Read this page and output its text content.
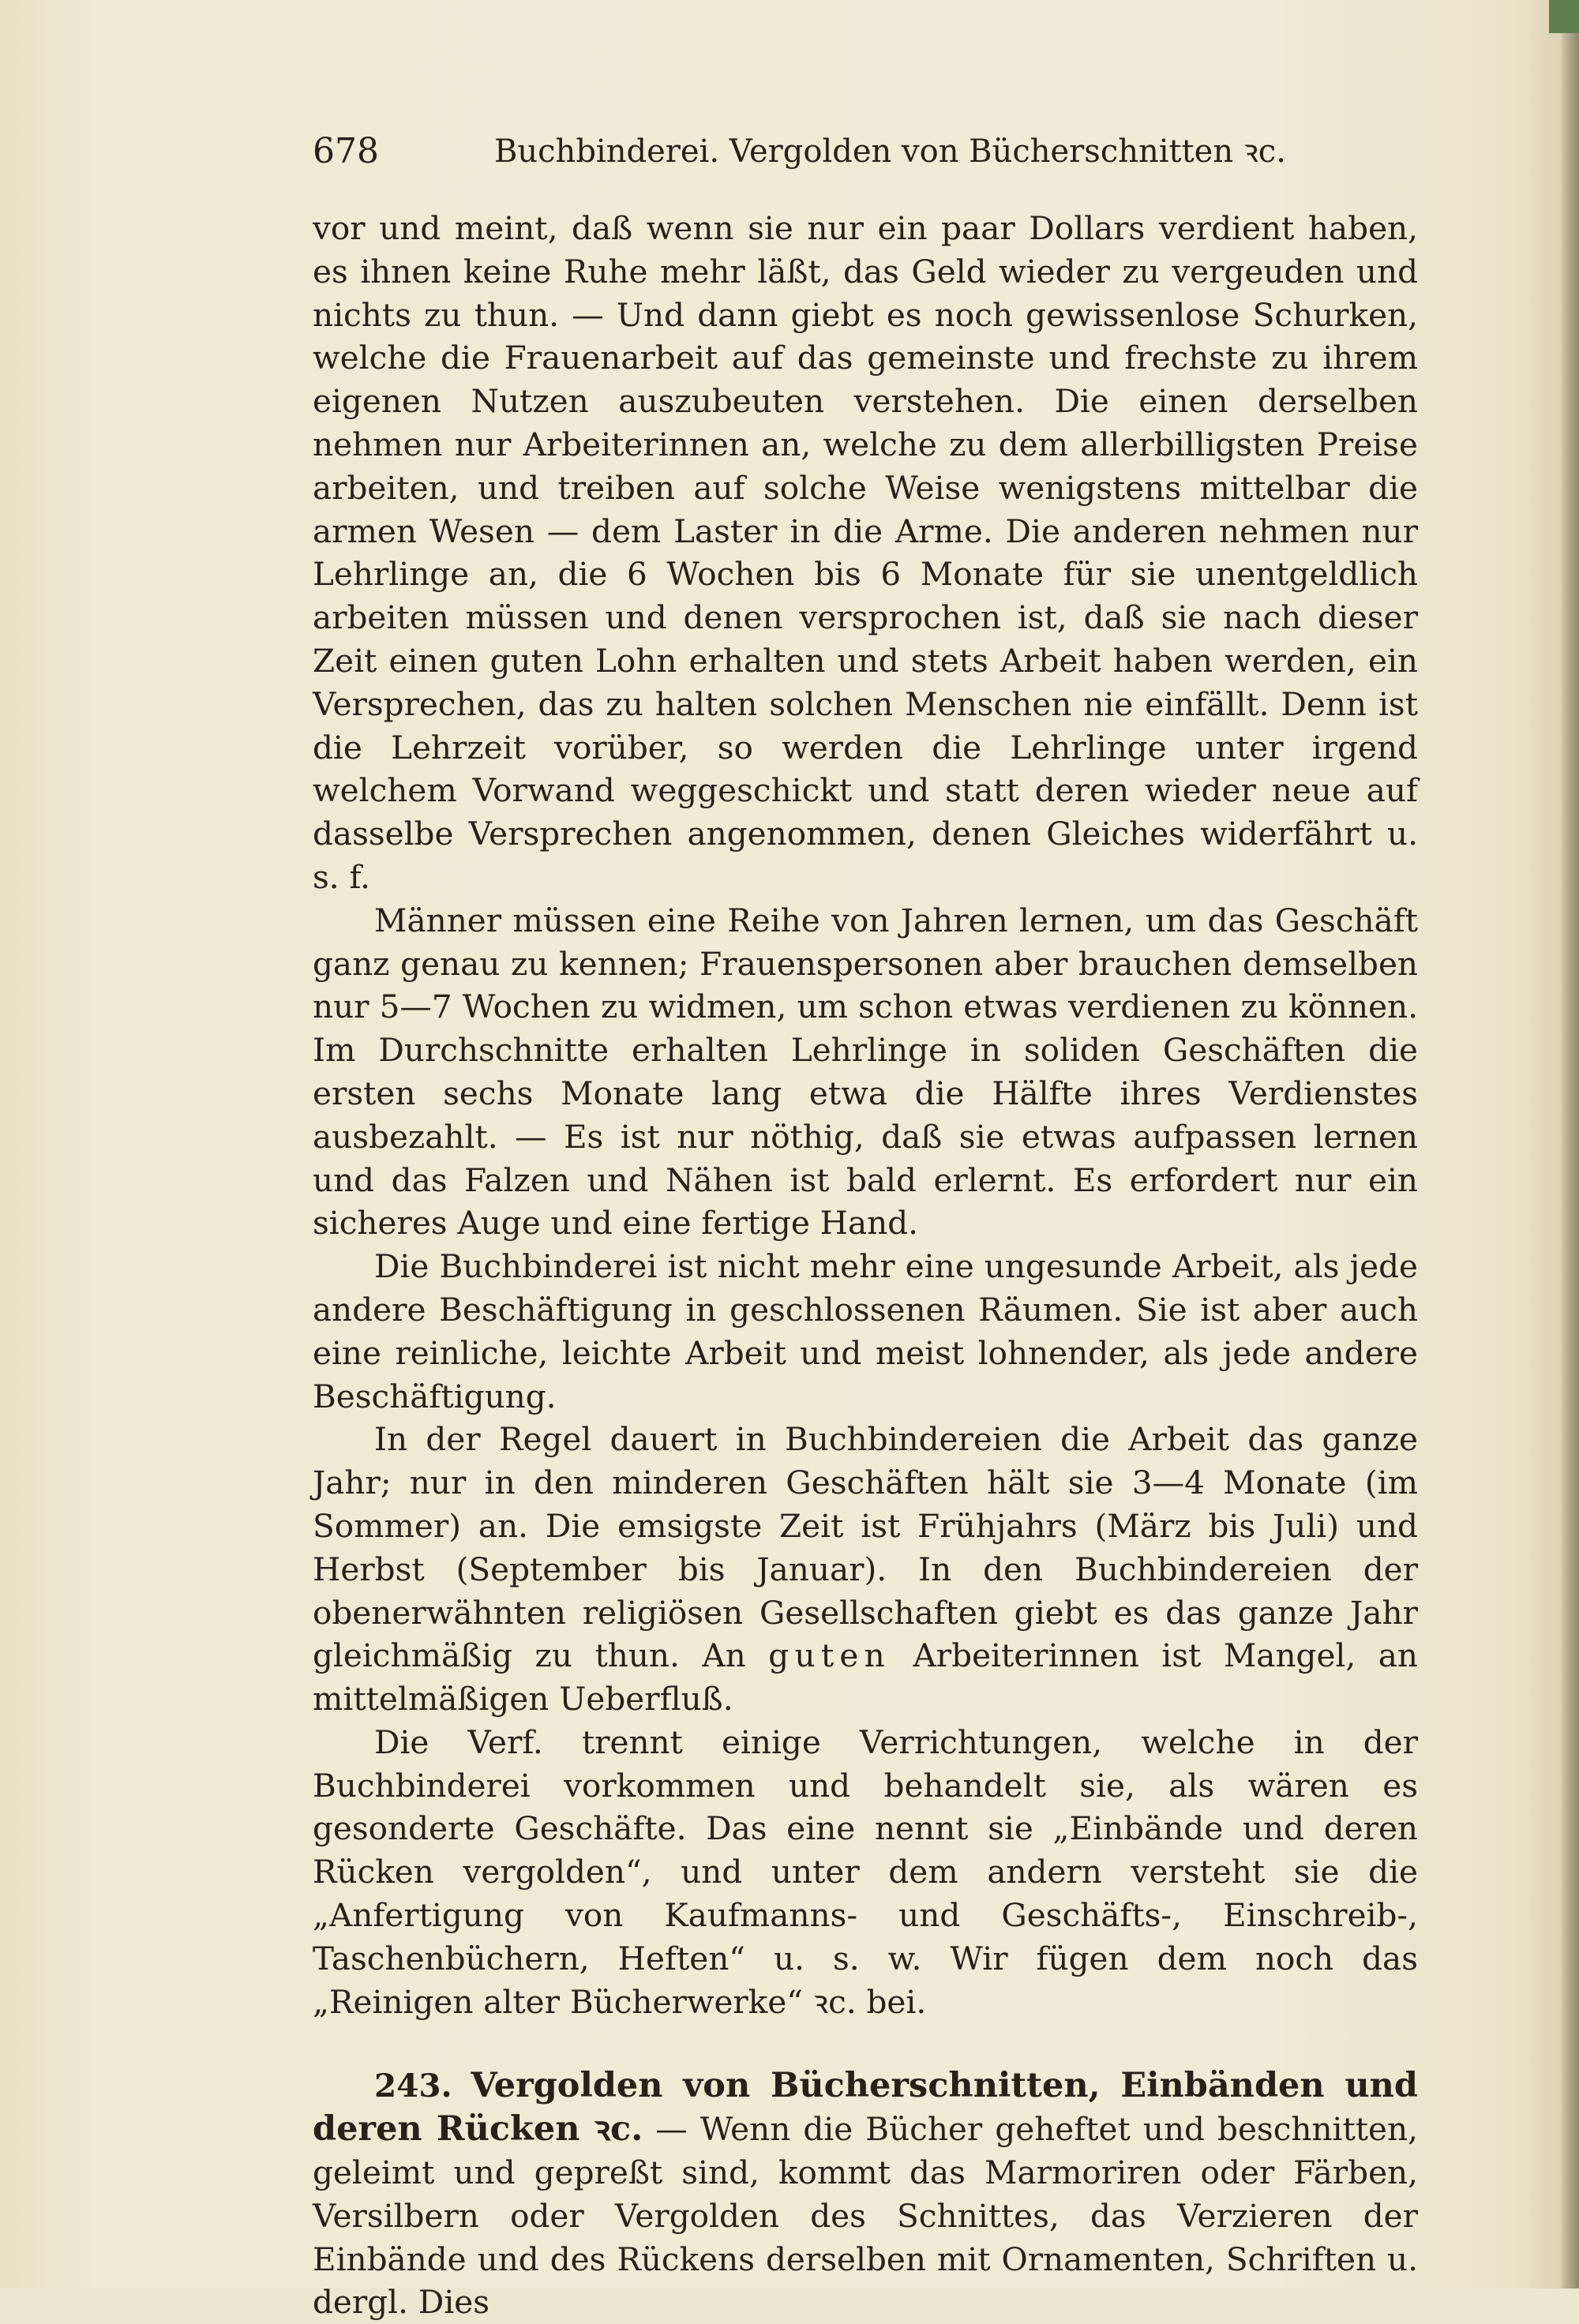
678	Buchbinderei. Vergolden von Bücherschnitten ꝛc.

vor und meint, daß wenn sie nur ein paar Dollars verdient haben, es ihnen keine Ruhe mehr läßt, das Geld wieder zu vergeuden und nichts zu thun. — Und dann giebt es noch gewissenlose Schurken, welche die Frauenarbeit auf das gemeinste und frechste zu ihrem eigenen Nutzen auszubeuten verstehen. Die einen derselben nehmen nur Arbeiterinnen an, welche zu dem allerbilligsten Preise arbeiten, und treiben auf solche Weise wenigstens mittelbar die armen Wesen — dem Laster in die Arme. Die anderen nehmen nur Lehrlinge an, die 6 Wochen bis 6 Monate für sie unentgeldlich arbeiten müssen und denen versprochen ist, daß sie nach dieser Zeit einen guten Lohn erhalten und stets Arbeit haben werden, ein Versprechen, das zu halten solchen Menschen nie einfällt. Denn ist die Lehrzeit vorüber, so werden die Lehrlinge unter irgend welchem Vorwand weggeschickt und statt deren wieder neue auf dasselbe Versprechen angenommen, denen Gleiches widerfährt u. s. f.

Männer müssen eine Reihe von Jahren lernen, um das Geschäft ganz genau zu kennen; Frauenspersonen aber brauchen demselben nur 5—7 Wochen zu widmen, um schon etwas verdienen zu können. Im Durchschnitte erhalten Lehrlinge in soliden Geschäften die ersten sechs Monate lang etwa die Hälfte ihres Verdienstes ausbezahlt. — Es ist nur nöthig, daß sie etwas aufpassen lernen und das Falzen und Nähen ist bald erlernt. Es erfordert nur ein sicheres Auge und eine fertige Hand.

Die Buchbinderei ist nicht mehr eine ungesunde Arbeit, als jede andere Beschäftigung in geschlossenen Räumen. Sie ist aber auch eine reinliche, leichte Arbeit und meist lohnender, als jede andere Beschäftigung.

In der Regel dauert in Buchbindereien die Arbeit das ganze Jahr; nur in den minderen Geschäften hält sie 3—4 Monate (im Sommer) an. Die emsigste Zeit ist Frühjahrs (März bis Juli) und Herbst (September bis Januar). In den Buchbindereien der obenerwähnten religiösen Gesellschaften giebt es das ganze Jahr gleichmäßig zu thun. An guten Arbeiterinnen ist Mangel, an mittelmäßigen Ueberfluß.

Die Verf. trennt einige Verrichtungen, welche in der Buchbinderei vorkommen und behandelt sie, als wären es gesonderte Geschäfte. Das eine nennt sie „Einbände und deren Rücken vergolden“, und unter dem andern versteht sie die „Anfertigung von Kaufmanns- und Geschäfts-, Einschreib-, Taschenbüchern, Heften“ u. s. w. Wir fügen dem noch das „Reinigen alter Bücherwerke“ ꝛc. bei.

243. Vergolden von Bücherschnitten, Einbänden und deren Rücken ꝛc. — Wenn die Bücher geheftet und beschnitten, geleimt und gepreßt sind, kommt das Marmoriren oder Färben, Versilbern oder Vergolden des Schnittes, das Verzieren der Einbände und des Rückens derselben mit Ornamenten, Schriften u. dergl. Dies
